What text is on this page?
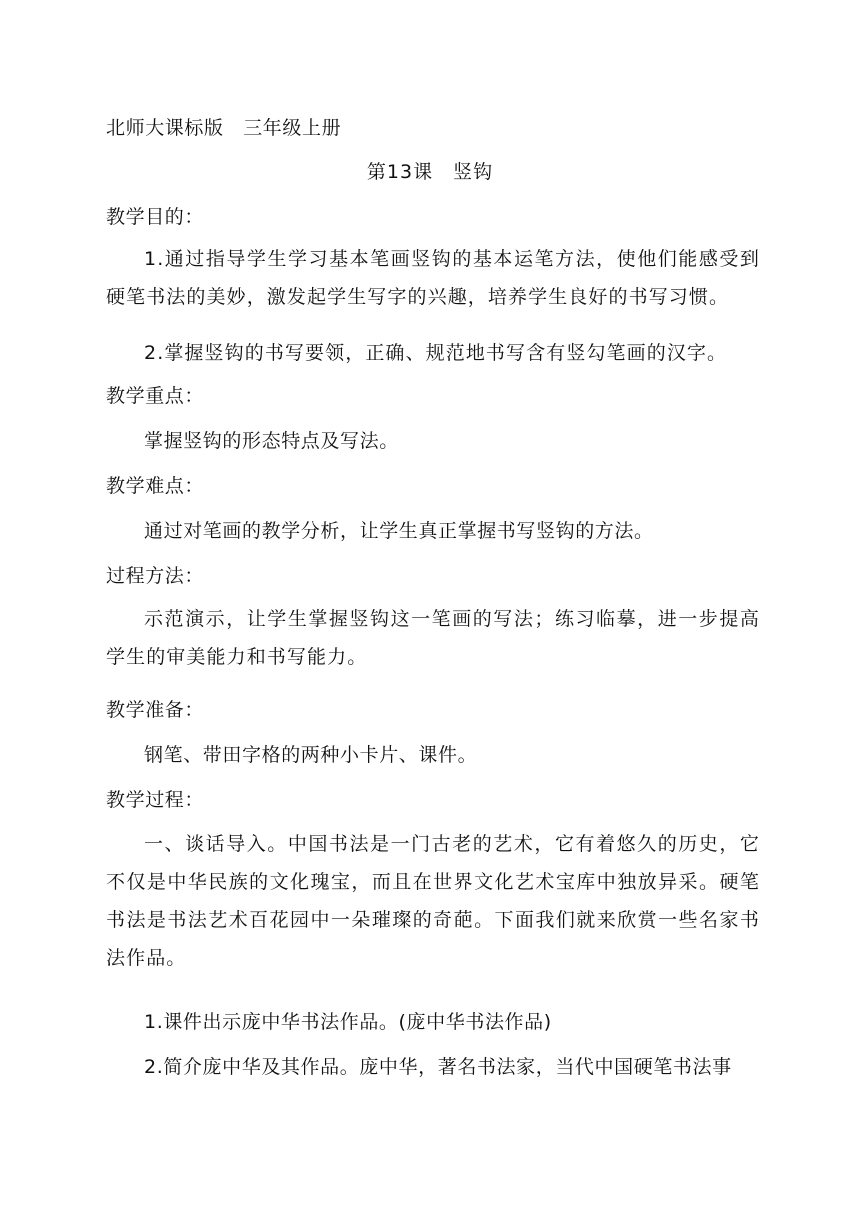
北师大课标版　三年级上册
第13课　竖钩
教学目的：
1.通过指导学生学习基本笔画竖钩的基本运笔方法，使他们能感受到硬笔书法的美妙，激发起学生写字的兴趣，培养学生良好的书写习惯。
2.掌握竖钩的书写要领，正确、规范地书写含有竖勾笔画的汉字。
教学重点：
掌握竖钩的形态特点及写法。
教学难点：
通过对笔画的教学分析，让学生真正掌握书写竖钩的方法。
过程方法：
示范演示，让学生掌握竖钩这一笔画的写法；练习临摹，进一步提高学生的审美能力和书写能力。
教学准备：
钢笔、带田字格的两种小卡片、课件。
教学过程：
一、谈话导入。中国书法是一门古老的艺术，它有着悠久的历史，它不仅是中华民族的文化瑰宝，而且在世界文化艺术宝库中独放异采。硬笔书法是书法艺术百花园中一朵璀璨的奇葩。下面我们就来欣赏一些名家书法作品。
1.课件出示庞中华书法作品。(庞中华书法作品)
2.简介庞中华及其作品。庞中华，著名书法家，当代中国硬笔书法事
